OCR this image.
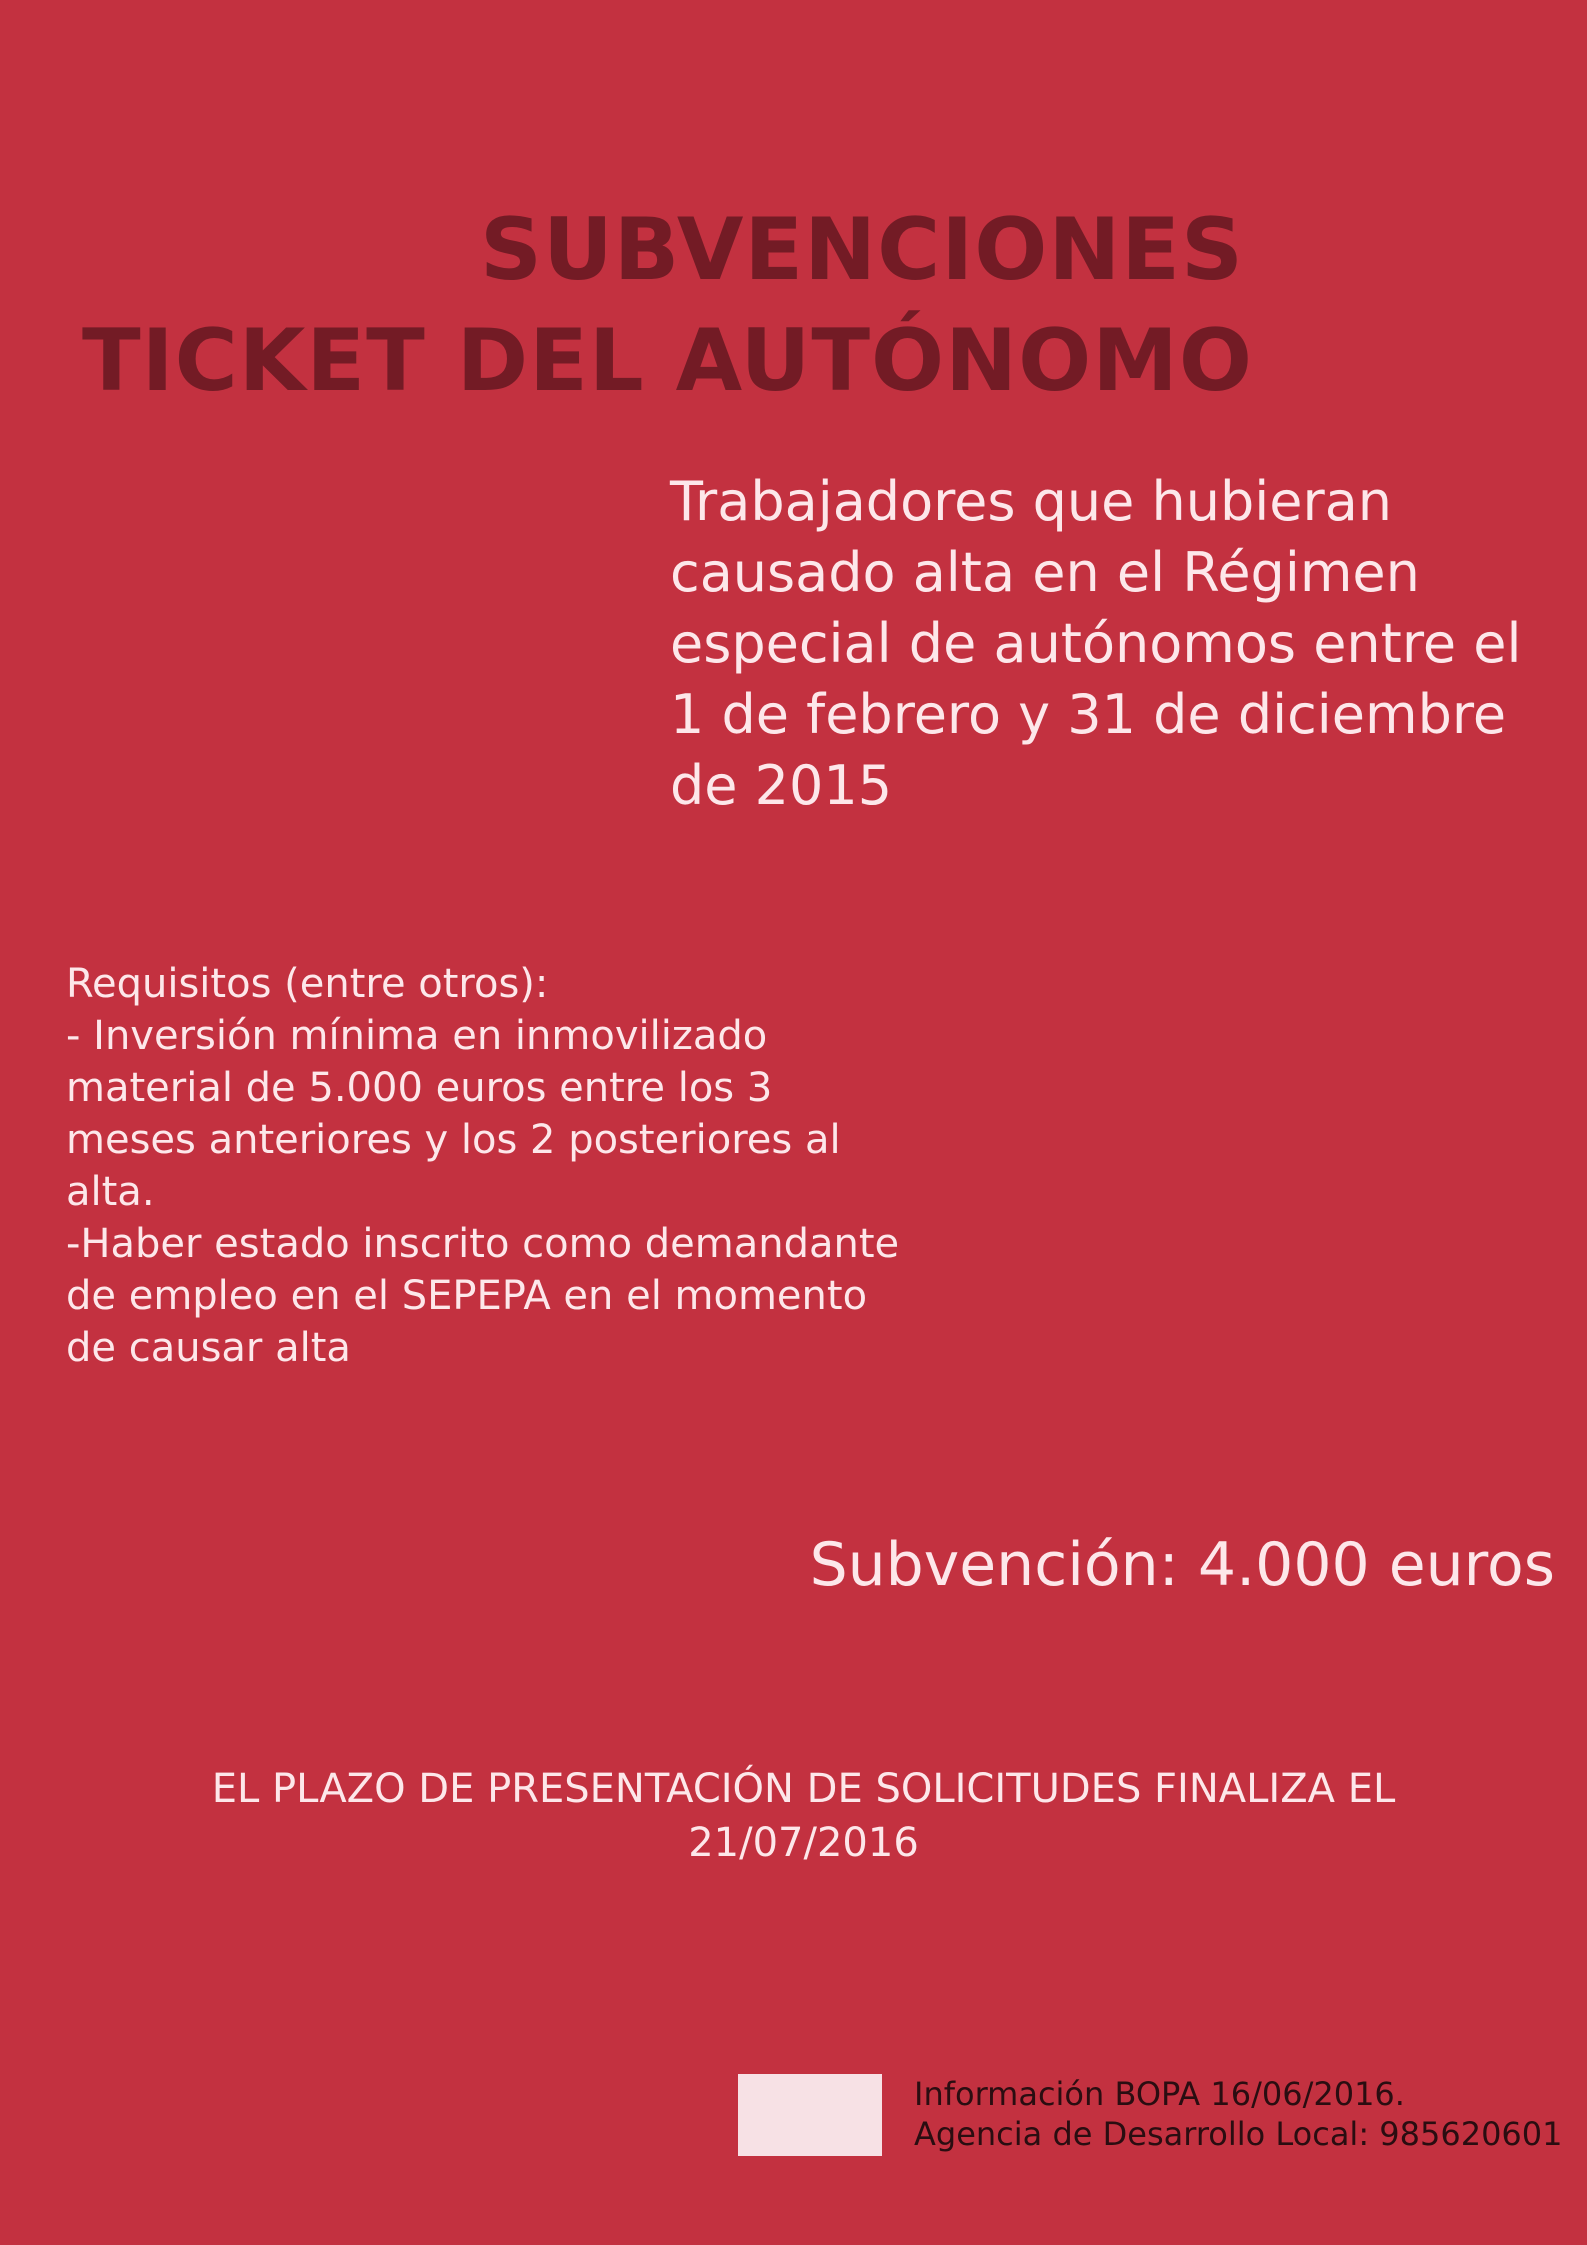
SUBVENCIONES
TICKET DEL AUTÓNOMO
Trabajadores que hubieran
causado alta en el Régimen
especial de autónomos entre el
1 de febrero y 31 de diciembre
de 2015
Requisitos (entre otros):
- Inversión mínima en inmovilizado
material de 5.000 euros entre los 3
meses anteriores y los 2 posteriores al
alta.
-Haber estado inscrito como demandante
de empleo en el SEPEPA en el momento
de causar alta
Subvención: 4.000 euros
EL PLAZO DE PRESENTACIÓN DE SOLICITUDES FINALIZA EL
21/07/2016
Información BOPA 16/06/2016.
Agencia de Desarrollo Local: 985620601
